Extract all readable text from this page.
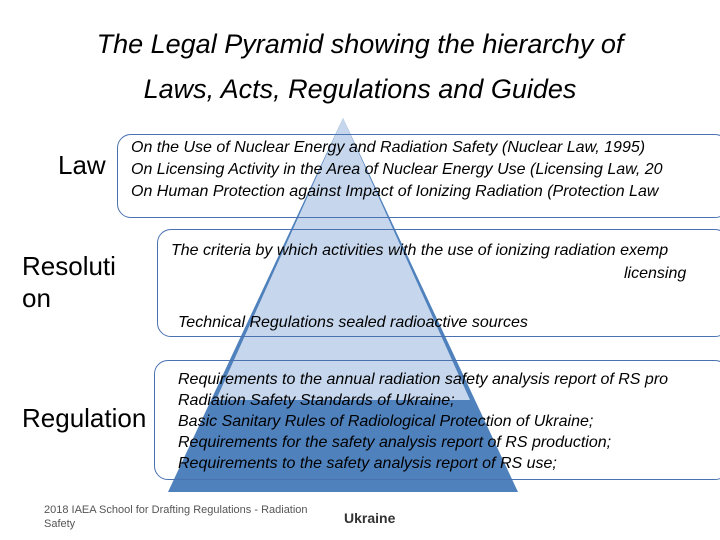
The Legal Pyramid showing the hierarchy of
Laws, Acts, Regulations and Guides
Law
On the Use of Nuclear Energy and Radiation Safety (Nuclear Law, 1995)
On Licensing Activity in the Area of Nuclear Energy Use (Licensing Law, 20
On Human Protection against Impact of Ionizing Radiation (Protection Law
Resoluti
on
The criteria by which activities with the use of ionizing radiation exemp
licensing
Technical Regulations sealed radioactive sources
Regulation
Requirements to the annual radiation safety analysis report of RS pro
Radiation Safety Standards of Ukraine;
Basic Sanitary Rules of Radiological Protection of Ukraine;
Requirements for the safety analysis report of RS production;
Requirements to the safety analysis report of RS use;
2018 IAEA School for Drafting Regulations - Radiation
Safety	Ukraine
